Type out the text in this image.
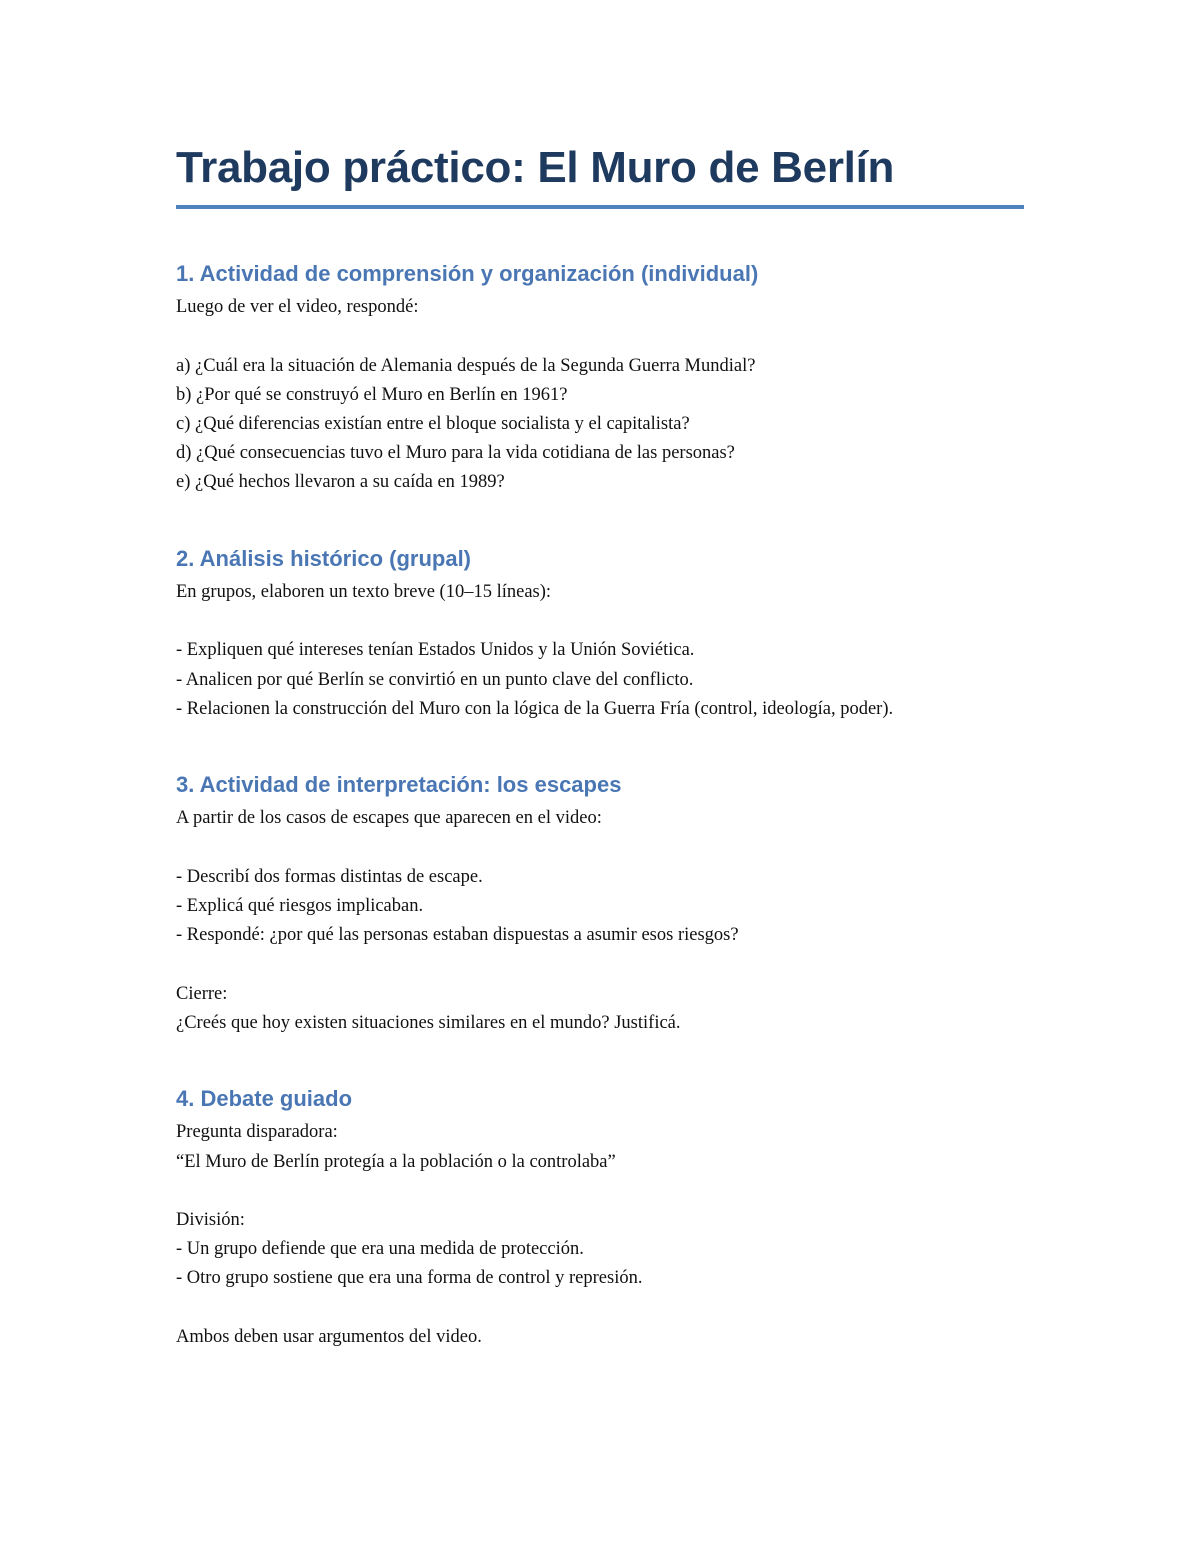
Trabajo práctico: El Muro de Berlín
1. Actividad de comprensión y organización (individual)

Luego de ver el video, respondé:

a) ¿Cuál era la situación de Alemania después de la Segunda Guerra Mundial?

b) ¿Por qué se construyó el Muro en Berlín en 1961?

c) ¿Qué diferencias existían entre el bloque socialista y el capitalista?

d) ¿Qué consecuencias tuvo el Muro para la vida cotidiana de las personas?

e) ¿Qué hechos llevaron a su caída en 1989?

2. Análisis histórico (grupal)

En grupos, elaboren un texto breve (10–15 líneas):

- Expliquen qué intereses tenían Estados Unidos y la Unión Soviética.

- Analicen por qué Berlín se convirtió en un punto clave del conflicto.

- Relacionen la construcción del Muro con la lógica de la Guerra Fría (control, ideología, poder).

3. Actividad de interpretación: los escapes

A partir de los casos de escapes que aparecen en el video:

- Describí dos formas distintas de escape.

- Explicá qué riesgos implicaban.

- Respondé: ¿por qué las personas estaban dispuestas a asumir esos riesgos?

Cierre:

¿Creés que hoy existen situaciones similares en el mundo? Justificá.

4. Debate guiado

Pregunta disparadora:

“El Muro de Berlín protegía a la población o la controlaba”

División:

- Un grupo defiende que era una medida de protección.

- Otro grupo sostiene que era una forma de control y represión.

Ambos deben usar argumentos del video.
